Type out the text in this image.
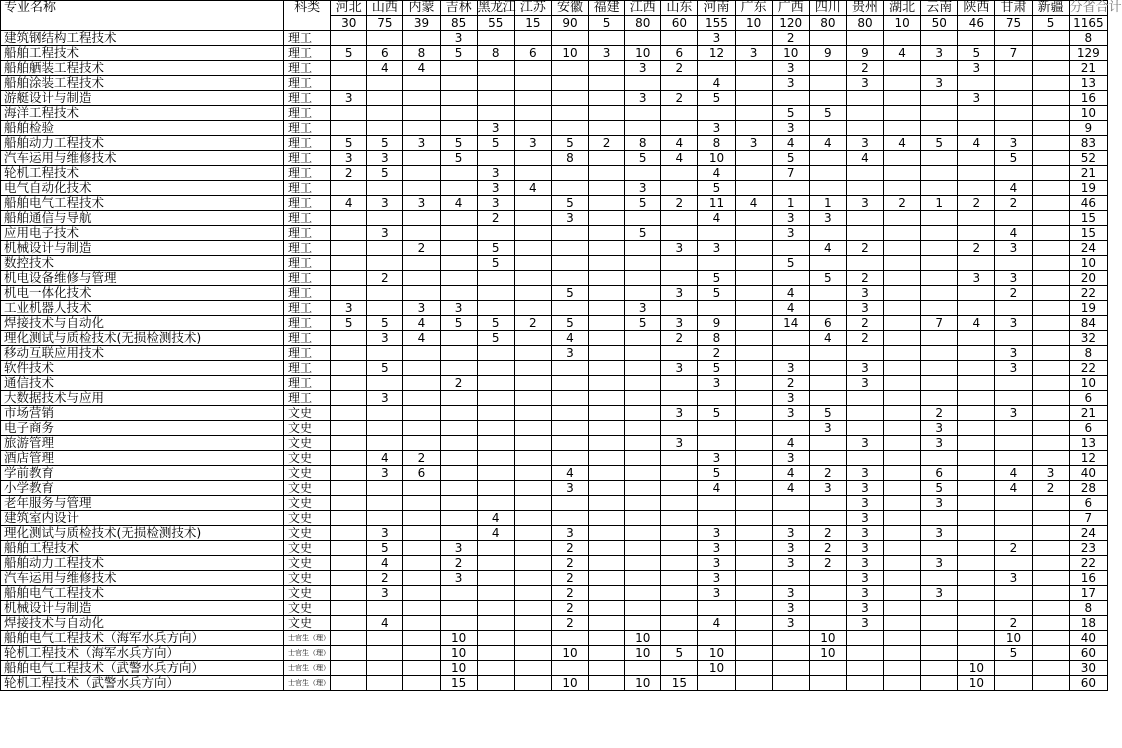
专业名称	科类	河北	山西	内蒙	吉林	黑龙江	江苏	安徽	福建	江西	山东	河南	广东	广西	四川	贵州	湖北	云南	陕西	甘肃	新疆	分省合计
		30	75	39	85	55	15	90	5	80	60	155	10	120	80	80	10	50	46	75	5	1165
建筑钢结构工程技术	理工				3							3		2								8
船舶工程技术	理工	5	6	8	5	8	6	10	3	10	6	12	3	10	9	9	4	3	5	7		129
船舶舾装工程技术	理工		4	4						3	2			3		2			3			21
船舶涂装工程技术	理工											4		3		3		3				13
游艇设计与制造	理工	3								3	2	5							3			16
海洋工程技术	理工													5	5							10
船舶检验	理工					3						3		3								9
船舶动力工程技术	理工	5	5	3	5	5	3	5	2	8	4	8	3	4	4	3	4	5	4	3		83
汽车运用与维修技术	理工	3	3		5			8		5	4	10		5		4				5		52
轮机工程技术	理工	2	5			3						4		7								21
电气自动化技术	理工					3	4			3		5								4		19
船舶电气工程技术	理工	4	3	3	4	3		5		5	2	11	4	1	1	3	2	1	2	2		46
船舶通信与导航	理工					2		3				4		3	3							15
应用电子技术	理工		3							5				3						4		15
机械设计与制造	理工			2		5					3	3			4	2			2	3		24
数控技术	理工					5								5								10
机电设备维修与管理	理工		2									5			5	2			3	3		20
机电一体化技术	理工							5			3	5		4		3				2		22
工业机器人技术	理工	3		3	3					3				4		3						19
焊接技术与自动化	理工	5	5	4	5	5	2	5		5	3	9		14	6	2		7	4	3		84
理化测试与质检技术(无损检测技术)	理工		3	4		5		4			2	8			4	2						32
移动互联应用技术	理工							3				2								3		8
软件技术	理工		5								3	5		3		3				3		22
通信技术	理工				2							3		2		3						10
大数据技术与应用	理工		3											3								6
市场营销	文史										3	5		3	5			2		3		21
电子商务	文史														3			3				6
旅游管理	文史										3			4		3		3				13
酒店管理	文史		4	2								3		3								12
学前教育	文史		3	6				4				5		4	2	3		6		4	3	40
小学教育	文史							3				4		4	3	3		5		4	2	28
老年服务与管理	文史															3		3				6
建筑室内设计	文史					4										3						7
理化测试与质检技术(无损检测技术)	文史		3			4		3				3		3	2	3		3				24
船舶工程技术	文史		5		3			2				3		3	2	3				2		23
船舶动力工程技术	文史		4		2			2				3		3	2	3		3				22
汽车运用与维修技术	文史		2		3			2				3				3				3		16
船舶电气工程技术	文史		3					2				3		3		3		3				17
机械设计与制造	文史							2						3		3						8
焊接技术与自动化	文史		4					2				4		3		3				2		18
船舶电气工程技术（海军水兵方向）	士官生（理）				10					10					10					10		40
轮机工程技术（海军水兵方向）	士官生（理）				10			10		10	5	10			10					5		60
船舶电气工程技术（武警水兵方向）	士官生（理）				10							10							10			30
轮机工程技术（武警水兵方向）	士官生（理）				15			10		10	15								10			60
